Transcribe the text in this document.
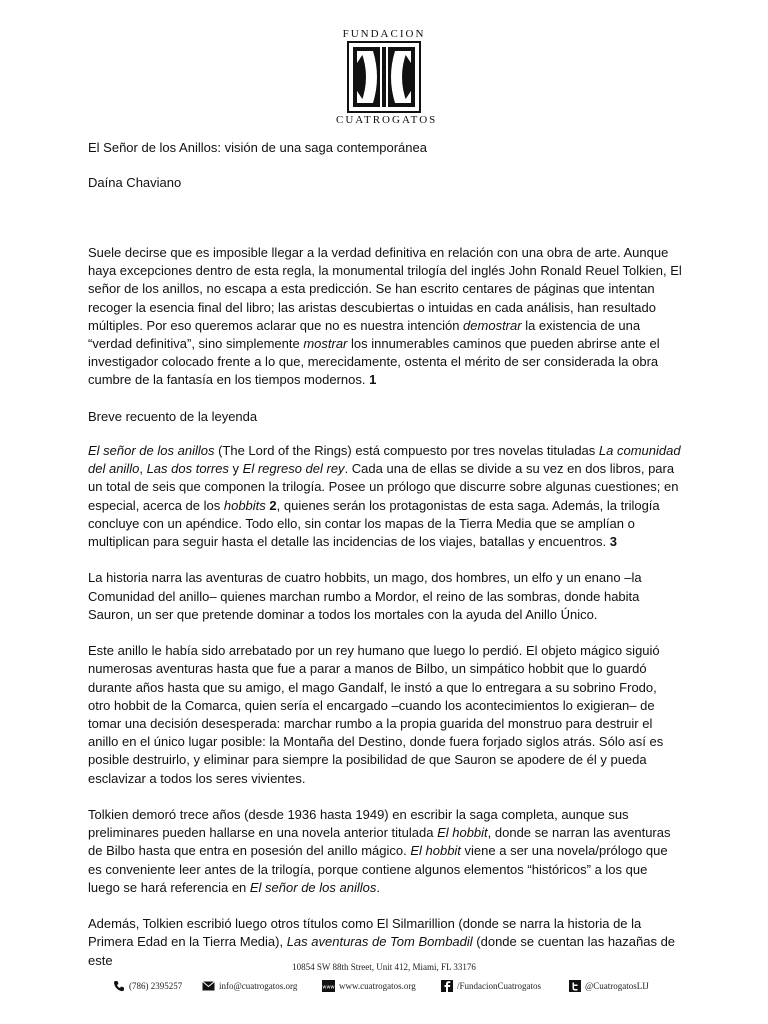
FUNDACION
CUATROGATOS
El Señor de los Anillos: visión de una saga contemporánea
Daína Chaviano

Suele decirse que es imposible llegar a la verdad definitiva en relación con una obra de arte. Aunque haya excepciones dentro de esta regla, la monumental trilogía del inglés John Ronald Reuel Tolkien, El señor de los anillos, no escapa a esta predicción. Se han escrito centares de páginas que intentan recoger la esencia final del libro; las aristas descubiertas o intuidas en cada análisis, han resultado múltiples. Por eso queremos aclarar que no es nuestra intención demostrar la existencia de una “verdad definitiva”, sino simplemente mostrar los innumerables caminos que pueden abrirse ante el investigador colocado frente a lo que, merecidamente, ostenta el mérito de ser considerada la obra cumbre de la fantasía en los tiempos modernos. 1

Breve recuento de la leyenda

El señor de los anillos (The Lord of the Rings) está compuesto por tres novelas tituladas La comunidad del anillo, Las dos torres y El regreso del rey. Cada una de ellas se divide a su vez en dos libros, para un total de seis que componen la trilogía. Posee un prólogo que discurre sobre algunas cuestiones; en especial, acerca de los hobbits 2, quienes serán los protagonistas de esta saga. Además, la trilogía concluye con un apéndice. Todo ello, sin contar los mapas de la Tierra Media que se amplían o multiplican para seguir hasta el detalle las incidencias de los viajes, batallas y encuentros. 3

La historia narra las aventuras de cuatro hobbits, un mago, dos hombres, un elfo y un enano –la Comunidad del anillo– quienes marchan rumbo a Mordor, el reino de las sombras, donde habita Sauron, un ser que pretende dominar a todos los mortales con la ayuda del Anillo Único.

Este anillo le había sido arrebatado por un rey humano que luego lo perdió. El objeto mágico siguió numerosas aventuras hasta que fue a parar a manos de Bilbo, un simpático hobbit que lo guardó durante años hasta que su amigo, el mago Gandalf, le instó a que lo entregara a su sobrino Frodo, otro hobbit de la Comarca, quien sería el encargado –cuando los acontecimientos lo exigieran– de tomar una decisión desesperada: marchar rumbo a la propia guarida del monstruo para destruir el anillo en el único lugar posible: la Montaña del Destino, donde fuera forjado siglos atrás. Sólo así es posible destruirlo, y eliminar para siempre la posibilidad de que Sauron se apodere de él y pueda esclavizar a todos los seres vivientes.

Tolkien demoró trece años (desde 1936 hasta 1949) en escribir la saga completa, aunque sus preliminares pueden hallarse en una novela anterior titulada El hobbit, donde se narran las aventuras de Bilbo hasta que entra en posesión del anillo mágico. El hobbit viene a ser una novela/prólogo que es conveniente leer antes de la trilogía, porque contiene algunos elementos “históricos” a los que luego se hará referencia en El señor de los anillos.

Además, Tolkien escribió luego otros títulos como El Silmarillion (donde se narra la historia de la Primera Edad en la Tierra Media), Las aventuras de Tom Bombadil (donde se cuentan las hazañas de este	10854 SW 88th Street, Unit 412, Miami, FL 33176
(786) 2395257	info@cuatrogatos.org	www www.cuatrogatos.org	/FundacionCuatrogatos	@CuatrogatosLIJ
